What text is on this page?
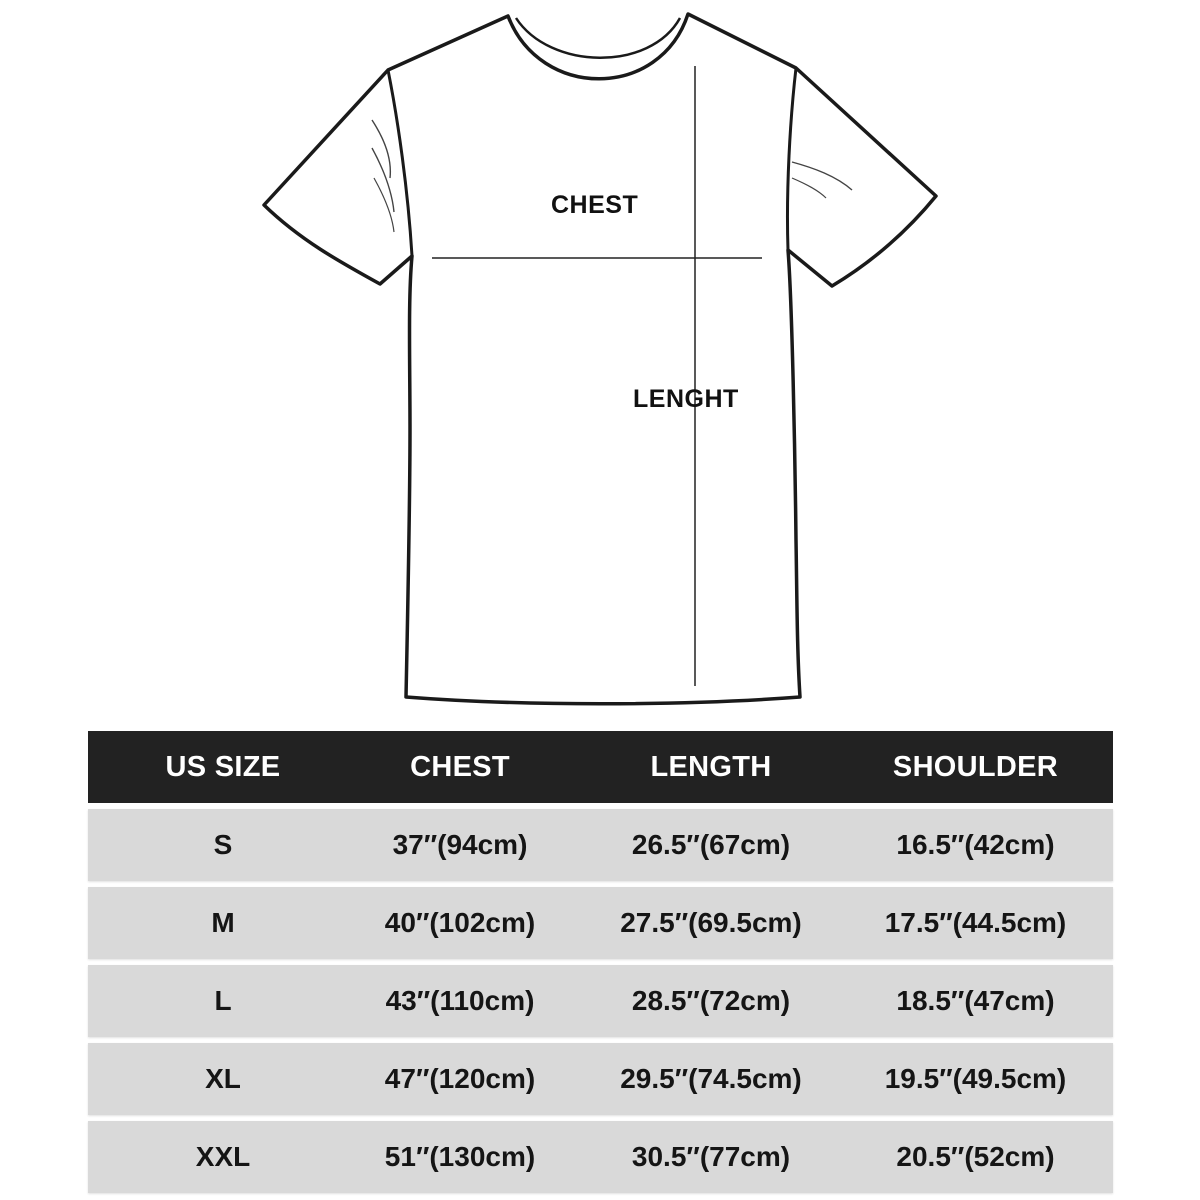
CHEST
LENGHT
US SIZE	CHEST	LENGTH	SHOULDER
S	37″(94cm)	26.5″(67cm)	16.5″(42cm)
M	40″(102cm)	27.5″(69.5cm)	17.5″(44.5cm)
L	43″(110cm)	28.5″(72cm)	18.5″(47cm)
XL	47″(120cm)	29.5″(74.5cm)	19.5″(49.5cm)
XXL	51″(130cm)	30.5″(77cm)	20.5″(52cm)
